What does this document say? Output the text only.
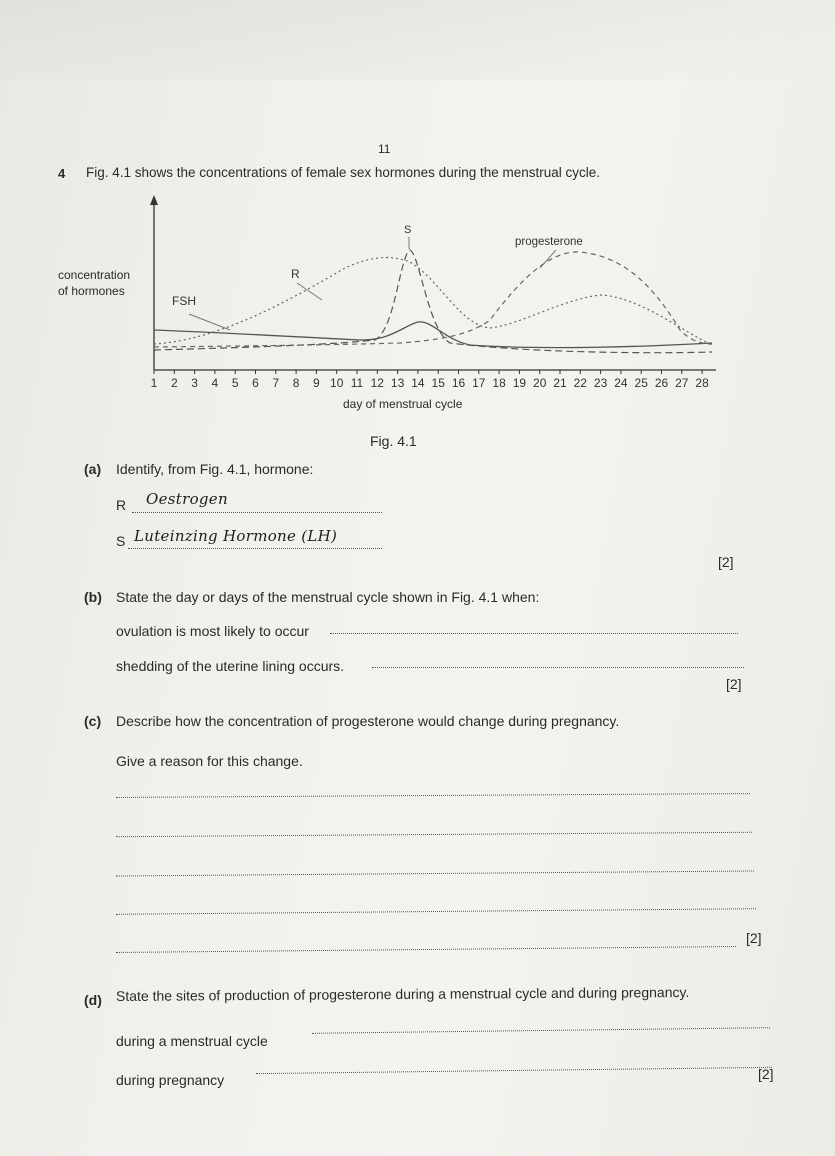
11
4 Fig. 4.1 shows the concentrations of female sex hormones during the menstrual cycle.
concentration
of hormones
1 2 3 4 5 6 7 8 9 10 11 12 13 14 15 16 17 18 19 20 21 22 23 24 25 26 27 28
S
R
FSH
progesterone
day of menstrual cycle
Fig. 4.1
(a) Identify, from Fig. 4.1, hormone:
R Oestrogen
S Luteinzing Hormone (LH)
[2]
(b) State the day or days of the menstrual cycle shown in Fig. 4.1 when:
ovulation is most likely to occur
shedding of the uterine lining occurs.
[2]
(c) Describe how the concentration of progesterone would change during pregnancy.
Give a reason for this change.
[2]
(d) State the sites of production of progesterone during a menstrual cycle and during pregnancy.
during a menstrual cycle
during pregnancy	[2]
